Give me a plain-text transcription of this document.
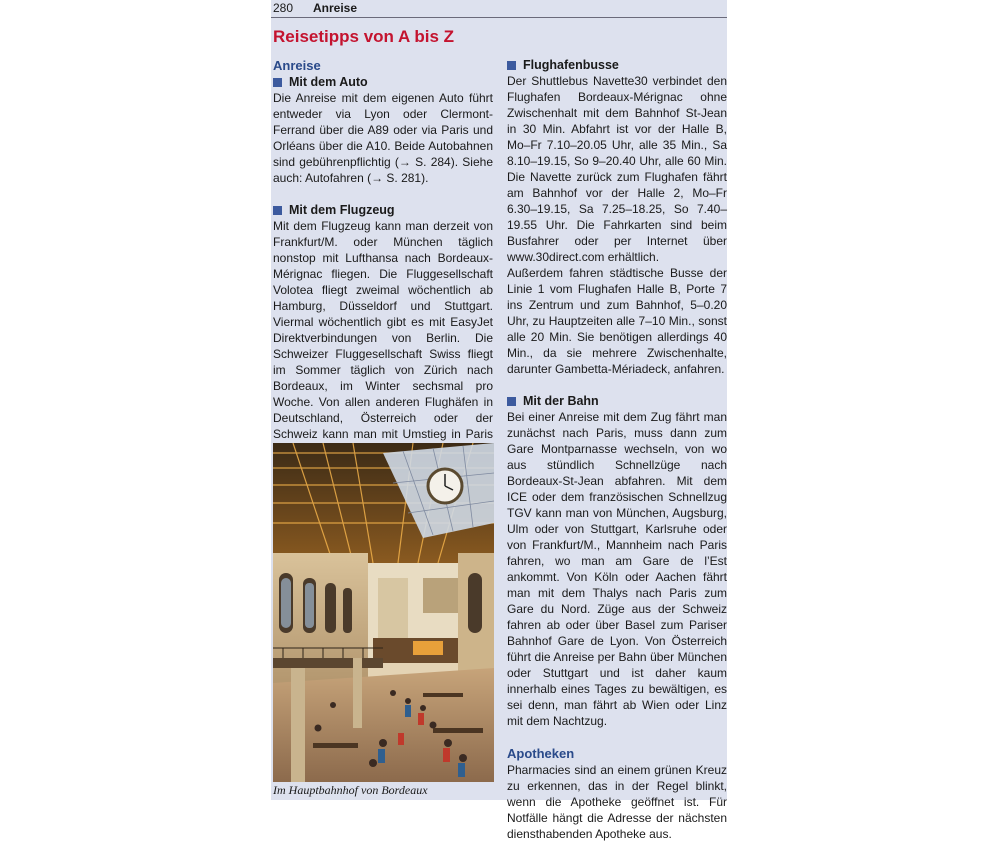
280 Anreise
Reisetipps von A bis Z
Anreise
Mit dem Auto

Die Anreise mit dem eigenen Auto führt entweder via Lyon oder Clermont-Ferrand über die A89 oder via Paris und Orléans über die A10. Beide Autobahnen sind gebührenpflichtig (→ S. 284). Siehe auch: Autofahren (→ S. 281).

Mit dem Flugzeug

Mit dem Flugzeug kann man derzeit von Frankfurt/M. oder München täglich nonstop mit Lufthansa nach Bordeaux-Mérignac fliegen. Die Fluggesellschaft Volotea fliegt zweimal wöchentlich ab Hamburg, Düsseldorf und Stuttgart. Viermal wöchentlich gibt es mit EasyJet Direktverbindungen von Berlin. Die Schweizer Fluggesellschaft Swiss fliegt im Sommer täglich von Zürich nach Bordeaux, im Winter sechsmal pro Woche. Von allen anderen Flughäfen in Deutschland, Österreich oder der Schweiz kann man mit Umstieg in Paris

Im Hauptbahnhof von Bordeaux
Flughafenbusse

Der Shuttlebus Navette30 verbindet den Flughafen Bordeaux-Mérignac ohne Zwischenhalt mit dem Bahnhof St-Jean in 30 Min. Abfahrt ist vor der Halle B, Mo–Fr 7.10–20.05 Uhr, alle 35 Min., Sa 8.10–19.15, So 9–20.40 Uhr, alle 60 Min. Die Navette zurück zum Flughafen fährt am Bahnhof vor der Halle 2, Mo–Fr 6.30–19.15, Sa 7.25–18.25, So 7.40–19.55 Uhr. Die Fahrkarten sind beim Busfahrer oder per Internet über www.30direct.com erhältlich.

Außerdem fahren städtische Busse der Linie 1 vom Flughafen Halle B, Porte 7 ins Zentrum und zum Bahnhof, 5–0.20 Uhr, zu Hauptzeiten alle 7–10 Min., sonst alle 20 Min. Sie benötigen allerdings 40 Min., da sie mehrere Zwischenhalte, darunter Gambetta-Mériadeck, anfahren.

Mit der Bahn

Bei einer Anreise mit dem Zug fährt man zunächst nach Paris, muss dann zum Gare Montparnasse wechseln, von wo aus stündlich Schnellzüge nach Bordeaux-St-Jean abfahren. Mit dem ICE oder dem französischen Schnellzug TGV kann man von München, Augsburg, Ulm oder von Stuttgart, Karlsruhe oder von Frankfurt/M., Mannheim nach Paris fahren, wo man am Gare de l’Est ankommt. Von Köln oder Aachen fährt man mit dem Thalys nach Paris zum Gare du Nord. Züge aus der Schweiz fahren ab oder über Basel zum Pariser Bahnhof Gare de Lyon. Von Österreich führt die Anreise per Bahn über München oder Stuttgart und ist daher kaum innerhalb eines Tages zu bewältigen, es sei denn, man fährt ab Wien oder Linz mit dem Nachtzug.

Apotheken

Pharmacies sind an einem grünen Kreuz zu erkennen, das in der Regel blinkt, wenn die Apotheke geöffnet ist. Für Notfälle hängt die Adresse der nächsten diensthabenden Apotheke aus.
